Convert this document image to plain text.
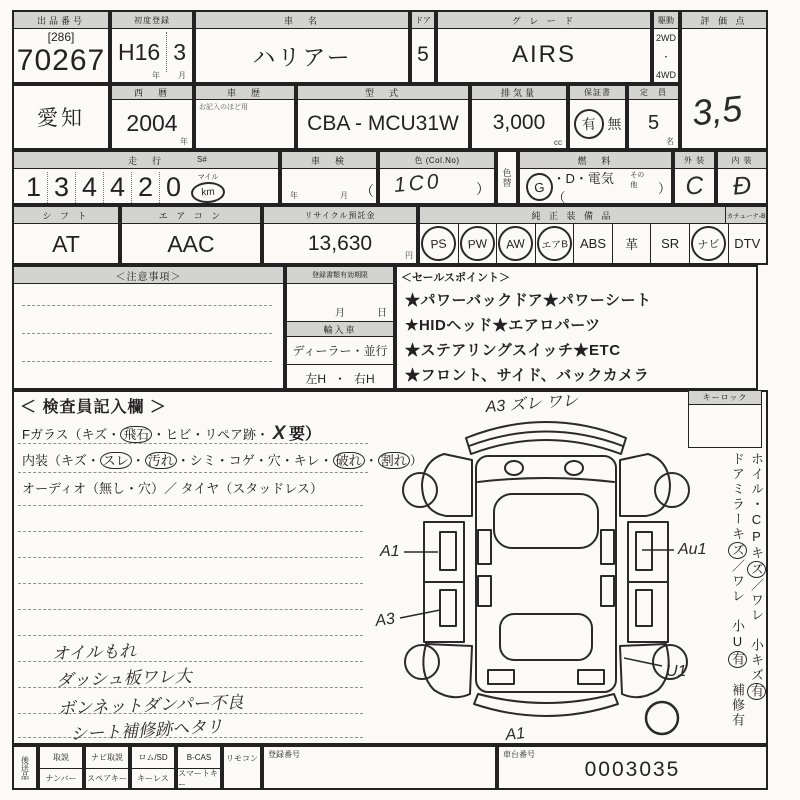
出品番号
[286]
70267
初度登録
H16 3
年 月
車　名
ハリアー
ドア
5
グ レ ー ド
AIRS
駆動
2WD
・
4WD
評 価 点
3,5
愛知
西　暦
2004
年
車　歴
お記入のほど用
型　式
CBA - MCU31W
排気量
3,000
cc
保証書
有 無
定　員
5
名
走　行	S#
1 3 4 4 2 0	マイル
km
車　検
年	月 （
色 (Col.No)
1C0 ）
色替
燃　料
G
・D・電気（
その他	）
外 装
C
内 装
Đ
シ フ ト
AT
エ ア コ ン
AAC
リサイクル預託金
13,630
円
純 正 装 備 品	カチューナ-B
PS	PW	AW	エアB ABS 革 SR	ナビ	DTV
＜注意事項＞	登録書類有効期限
月	日
輸入車
ディーラー・並行
左H ・ 右H
＜セールスポイント＞
★パワーバックドア★パワーシート
★HIDヘッド★エアロパーツ
★ステアリングスイッチ★ETC
★フロント、サイド、バックカメラ
＜ 検査員記入欄 ＞
Fガラス（キズ・ 飛石 ・ヒビ・リペア跡・ X 要）
内装（キズ・ スレ ・ 汚れ ・シミ・コゲ・穴・キレ・ 破れ ・ 割れ ）
オーディオ（無し・穴）／ タイヤ（スタッドレス）
オイルもれ
ダッシュ板ワレ大
ボンネットダンパー不良
シート補修跡ヘタリ
A3 ズレ ワレ
A1	Au1
A3
U1
A1
キーロック
ホイル・CPキズ／ワレ　小キズ有
ドアミラーキズ／ワレ　小U有　補修有
後送品	取説
ナンバー
ナビ取説
スペアキー
ロム/SD
キーレス
B-CAS
スマートキー
リモコン	登録番号	車台番号
0003035
